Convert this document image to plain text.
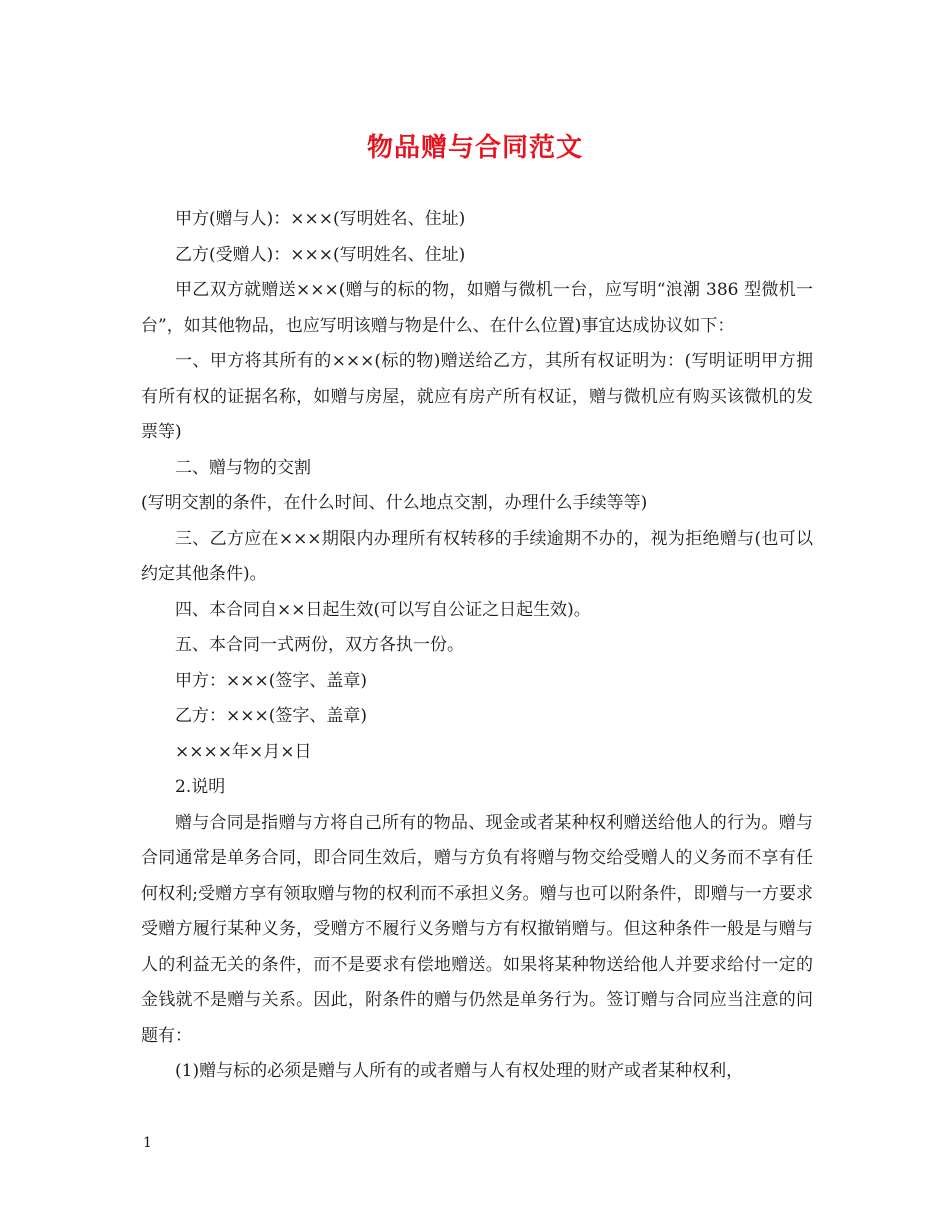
物品赠与合同范文

甲方(赠与人)：×××(写明姓名、住址)

乙方(受赠人)：×××(写明姓名、住址)

甲乙双方就赠送×××(赠与的标的物，如赠与微机一台，应写明“浪潮 386 型微机一台”，如其他物品，也应写明该赠与物是什么、在什么位置)事宜达成协议如下：

一、甲方将其所有的×××(标的物)赠送给乙方，其所有权证明为：(写明证明甲方拥有所有权的证据名称，如赠与房屋，就应有房产所有权证，赠与微机应有购买该微机的发票等)

二、赠与物的交割

(写明交割的条件，在什么时间、什么地点交割，办理什么手续等等)

三、乙方应在×××期限内办理所有权转移的手续逾期不办的，视为拒绝赠与(也可以约定其他条件)。

四、本合同自××日起生效(可以写自公证之日起生效)。

五、本合同一式两份，双方各执一份。

甲方：×××(签字、盖章)

乙方：×××(签字、盖章)

××××年×月×日

2.说明

赠与合同是指赠与方将自己所有的物品、现金或者某种权利赠送给他人的行为。赠与合同通常是单务合同，即合同生效后，赠与方负有将赠与物交给受赠人的义务而不享有任何权利;受赠方享有领取赠与物的权利而不承担义务。赠与也可以附条件，即赠与一方要求受赠方履行某种义务，受赠方不履行义务赠与方有权撤销赠与。但这种条件一般是与赠与人的利益无关的条件，而不是要求有偿地赠送。如果将某种物送给他人并要求给付一定的金钱就不是赠与关系。因此，附条件的赠与仍然是单务行为。签订赠与合同应当注意的问题有：

(1)赠与标的必须是赠与人所有的或者赠与人有权处理的财产或者某种权利，

1
